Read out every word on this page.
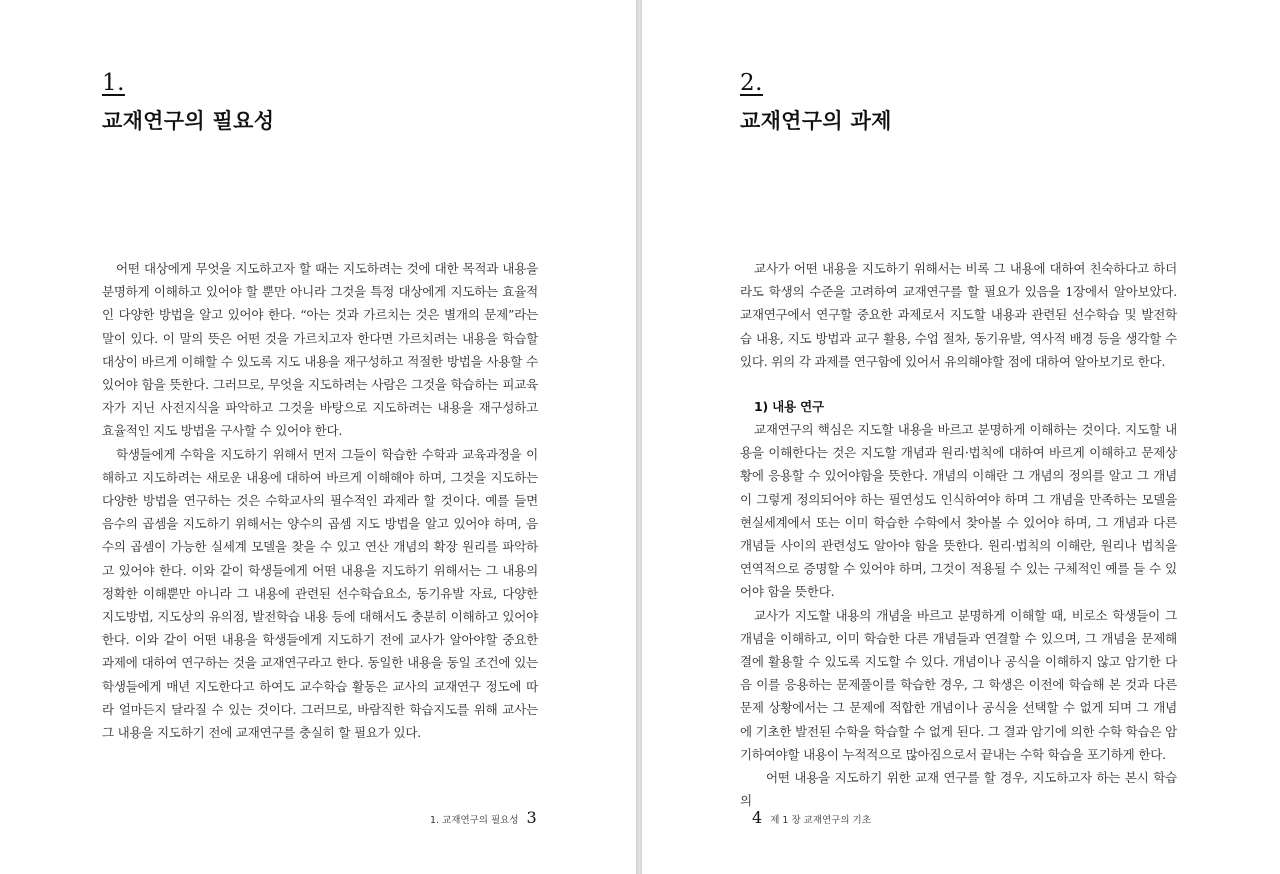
1.
교재연구의 필요성

어떤 대상에게 무엇을 지도하고자 할 때는 지도하려는 것에 대한 목적과 내용을 분명하게 이해하고 있어야 할 뿐만 아니라 그것을 특정 대상에게 지도하는 효율적인 다양한 방법을 알고 있어야 한다. “아는 것과 가르치는 것은 별개의 문제”라는 말이 있다. 이 말의 뜻은 어떤 것을 가르치고자 한다면 가르치려는 내용을 학습할 대상이 바르게 이해할 수 있도록 지도 내용을 재구성하고 적절한 방법을 사용할 수 있어야 함을 뜻한다. 그러므로, 무엇을 지도하려는 사람은 그것을 학습하는 피교육자가 지닌 사전지식을 파악하고 그것을 바탕으로 지도하려는 내용을 재구성하고 효율적인 지도 방법을 구사할 수 있어야 한다.

학생들에게 수학을 지도하기 위해서 먼저 그들이 학습한 수학과 교육과정을 이해하고 지도하려는 새로운 내용에 대하여 바르게 이해해야 하며, 그것을 지도하는 다양한 방법을 연구하는 것은 수학교사의 필수적인 과제라 할 것이다. 예를 들면 음수의 곱셈을 지도하기 위해서는 양수의 곱셈 지도 방법을 알고 있어야 하며, 음수의 곱셈이 가능한 실세계 모델을 찾을 수 있고 연산 개념의 확장 원리를 파악하고 있어야 한다. 이와 같이 학생들에게 어떤 내용을 지도하기 위해서는 그 내용의 정확한 이해뿐만 아니라 그 내용에 관련된 선수학습요소, 동기유발 자료, 다양한 지도방법, 지도상의 유의점, 발전학습 내용 등에 대해서도 충분히 이해하고 있어야 한다. 이와 같이 어떤 내용을 학생들에게 지도하기 전에 교사가 알아야할 중요한 과제에 대하여 연구하는 것을 교재연구라고 한다. 동일한 내용을 동일 조건에 있는 학생들에게 매년 지도한다고 하여도 교수학습 활동은 교사의 교재연구 정도에 따라 얼마든지 달라질 수 있는 것이다. 그러므로, 바람직한 학습지도를 위해 교사는 그 내용을 지도하기 전에 교재연구를 충실히 할 필요가 있다.

1. 교재연구의 필요성 3
2.
교재연구의 과제

교사가 어떤 내용을 지도하기 위해서는 비록 그 내용에 대하여 친숙하다고 하더라도 학생의 수준을 고려하여 교재연구를 할 필요가 있음을 1장에서 알아보았다. 교재연구에서 연구할 중요한 과제로서 지도할 내용과 관련된 선수학습 및 발전학습 내용, 지도 방법과 교구 활용, 수업 절차, 동기유발, 역사적 배경 등을 생각할 수 있다. 위의 각 과제를 연구함에 있어서 유의해야할 점에 대하여 알아보기로 한다.

1) 내용 연구

교재연구의 핵심은 지도할 내용을 바르고 분명하게 이해하는 것이다. 지도할 내용을 이해한다는 것은 지도할 개념과 원리·법칙에 대하여 바르게 이해하고 문제상황에 응용할 수 있어야함을 뜻한다. 개념의 이해란 그 개념의 정의를 알고 그 개념이 그렇게 정의되어야 하는 필연성도 인식하여야 하며 그 개념을 만족하는 모델을 현실세계에서 또는 이미 학습한 수학에서 찾아볼 수 있어야 하며, 그 개념과 다른 개념들 사이의 관련성도 알아야 함을 뜻한다. 원리·법칙의 이해란, 원리나 법칙을 연역적으로 증명할 수 있어야 하며, 그것이 적용될 수 있는 구체적인 예를 들 수 있어야 함을 뜻한다.

교사가 지도할 내용의 개념을 바르고 분명하게 이해할 때, 비로소 학생들이 그 개념을 이해하고, 이미 학습한 다른 개념들과 연결할 수 있으며, 그 개념을 문제해결에 활용할 수 있도록 지도할 수 있다. 개념이나 공식을 이해하지 않고 암기한 다음 이를 응용하는 문제풀이를 학습한 경우, 그 학생은 이전에 학습해 본 것과 다른 문제 상황에서는 그 문제에 적합한 개념이나 공식을 선택할 수 없게 되며 그 개념에 기초한 발전된 수학을 학습할 수 없게 된다. 그 결과 암기에 의한 수학 학습은 암기하여야할 내용이 누적적으로 많아짐으로서 끝내는 수학 학습을 포기하게 한다.

어떤 내용을 지도하기 위한 교재 연구를 할 경우, 지도하고자 하는 본시 학습의

4 제 1 장 교재연구의 기초
